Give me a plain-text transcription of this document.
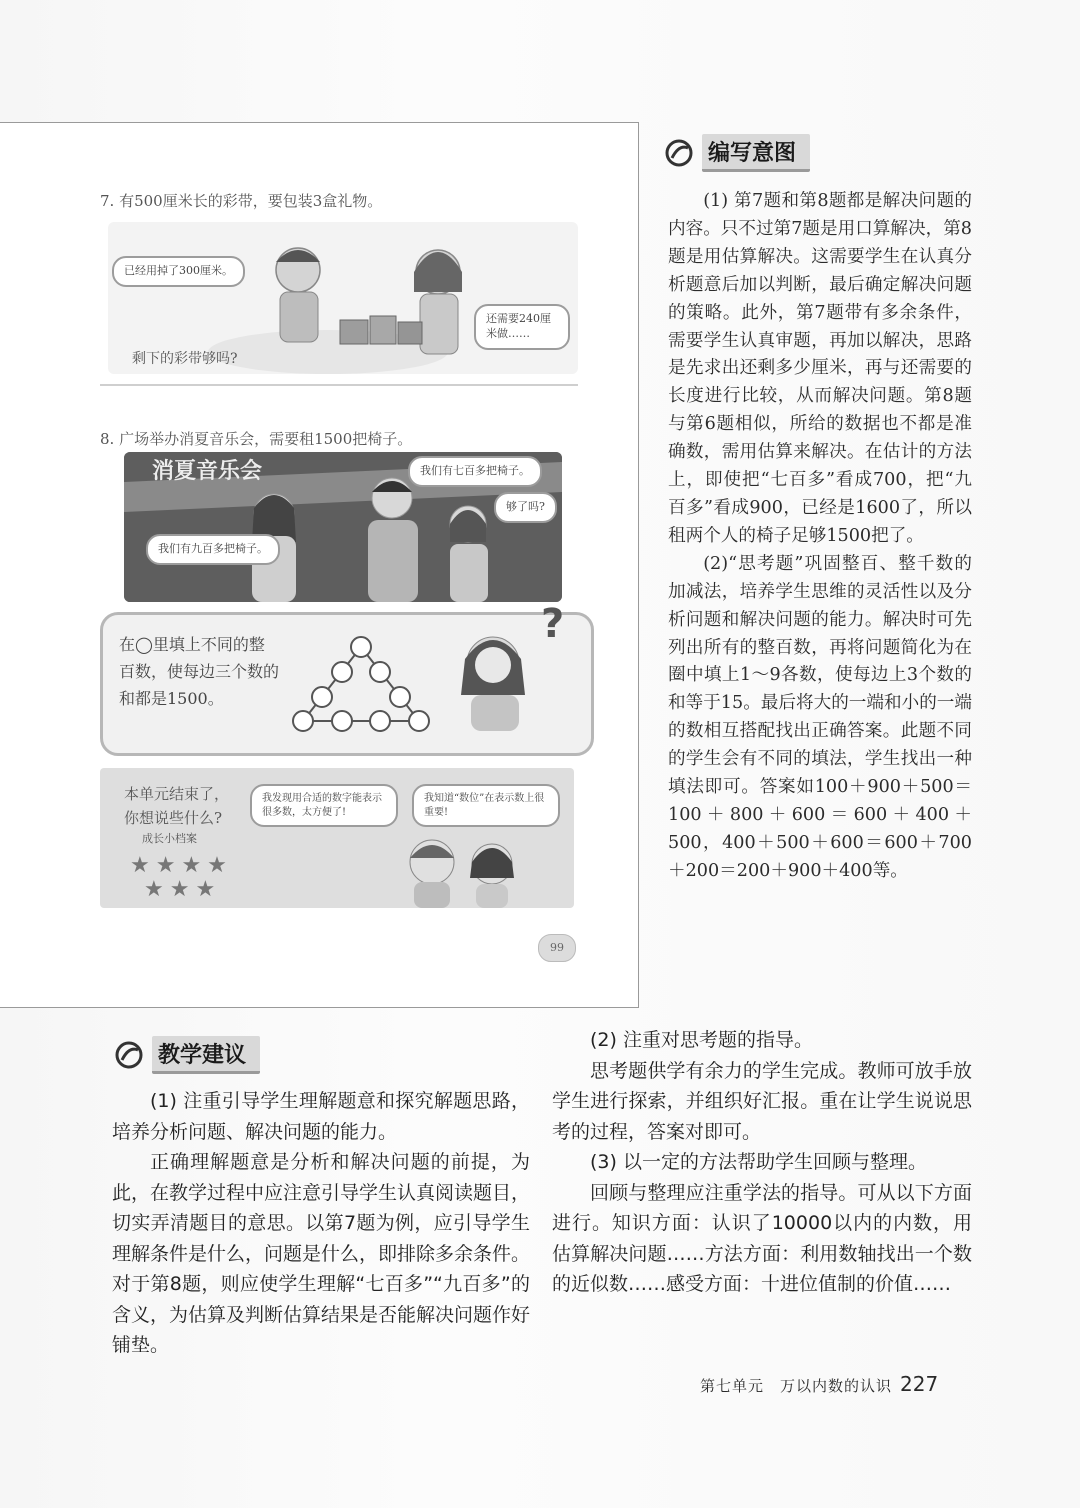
7. 有500厘米长的彩带，要包装3盒礼物。
已经用掉了300厘米。
还需要240厘米做……
剩下的彩带够吗?
8. 广场举办消夏音乐会，需要租1500把椅子。
消夏音乐会	我们有七百多把椅子。
够了吗?
我们有九百多把椅子。
在◯里填上不同的整百数，使每边三个数的和都是1500。
?
本单元结束了，
你想说些什么?
成长小档案
★★★★
★★★
我发现用合适的数字能表示很多数，太方便了!
我知道“数位”在表示数上很重要!
99
编写意图

(1) 第7题和第8题都是解决问题的内容。只不过第7题是用口算解决，第8题是用估算解决。这需要学生在认真分析题意后加以判断，最后确定解决问题的策略。此外，第7题带有多余条件，需要学生认真审题，再加以解决，思路是先求出还剩多少厘米，再与还需要的长度进行比较，从而解决问题。第8题与第6题相似，所给的数据也不都是准确数，需用估算来解决。在估计的方法上，即使把“七百多”看成700，把“九百多”看成900，已经是1600了，所以租两个人的椅子足够1500把了。

(2)“思考题”巩固整百、整千数的加减法，培养学生思维的灵活性以及分析问题和解决问题的能力。解决时可先列出所有的整百数，再将问题简化为在圈中填上1～9各数，使每边上3个数的和等于15。最后将大的一端和小的一端的数相互搭配找出正确答案。此题不同的学生会有不同的填法，学生找出一种填法即可。答案如100＋900＋500＝100＋800＋600＝600＋400＋500，400＋500＋600＝600＋700＋200＝200＋900＋400等。

教学建议

(1) 注重引导学生理解题意和探究解题思路，培养分析问题、解决问题的能力。

正确理解题意是分析和解决问题的前提，为此，在教学过程中应注意引导学生认真阅读题目，切实弄清题目的意思。以第7题为例，应引导学生理解条件是什么，问题是什么，即排除多余条件。对于第8题，则应使学生理解“七百多”“九百多”的含义，为估算及判断估算结果是否能解决问题作好铺垫。

(2) 注重对思考题的指导。

思考题供学有余力的学生完成。教师可放手放学生进行探索，并组织好汇报。重在让学生说说思考的过程，答案对即可。

(3) 以一定的方法帮助学生回顾与整理。

回顾与整理应注重学法的指导。可从以下方面进行。知识方面：认识了10000以内的内数，用估算解决问题……方法方面：利用数轴找出一个数的近似数……感受方面：十进位值制的价值……

第七单元　万以内数的认识 227
